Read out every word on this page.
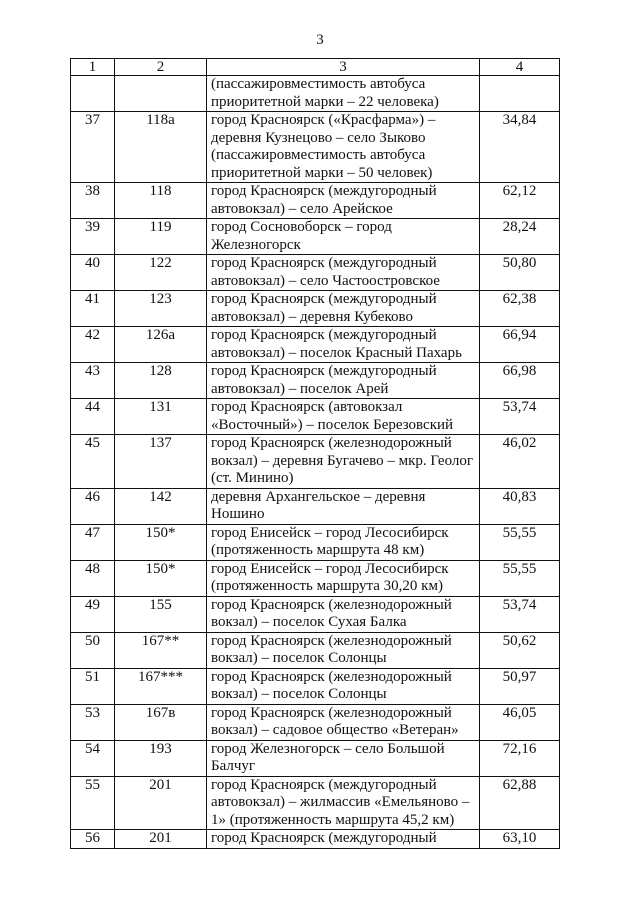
3
1	2	3	4

		(пассажировместимость автобуса
приоритетной марки – 22 человека)	

37	118а	город Красноярск («Красфарма») –
деревня Кузнецово – село Зыково
(пассажировместимость автобуса
приоритетной марки – 50 человек)	34,84
38	118	город Красноярск (междугородный
автовокзал) – село Арейское	62,12
39	119	город Сосновоборск – город
Железногорск	28,24
40	122	город Красноярск (междугородный
автовокзал) – село Частоостровское	50,80
41	123	город Красноярск (междугородный
автовокзал) – деревня Кубеково	62,38
42	126а	город Красноярск (междугородный
автовокзал) – поселок Красный Пахарь	66,94
43	128	город Красноярск (междугородный
автовокзал) – поселок Арей	66,98
44	131	город Красноярск (автовокзал
«Восточный») – поселок Березовский	53,74
45	137	город Красноярск (железнодорожный
вокзал) – деревня Бугачево – мкр. Геолог
(ст. Минино)	46,02
46	142	деревня Архангельское – деревня
Ношино	40,83
47	150*	город Енисейск – город Лесосибирск
(протяженность маршрута 48 км)	55,55
48	150*	город Енисейск – город Лесосибирск
(протяженность маршрута 30,20 км)	55,55
49	155	город Красноярск (железнодорожный
вокзал) – поселок Сухая Балка	53,74
50	167**	город Красноярск (железнодорожный
вокзал) – поселок Солонцы	50,62
51	167***	город Красноярск (железнодорожный
вокзал) – поселок Солонцы	50,97
53	167в	город Красноярск (железнодорожный
вокзал) – садовое общество «Ветеран»	46,05
54	193	город Железногорск – село Большой
Балчуг	72,16
55	201	город Красноярск (междугородный
автовокзал) – жилмассив «Емельяново –
1» (протяженность маршрута 45,2 км)	62,88
56	201	город Красноярск (междугородный	63,10
